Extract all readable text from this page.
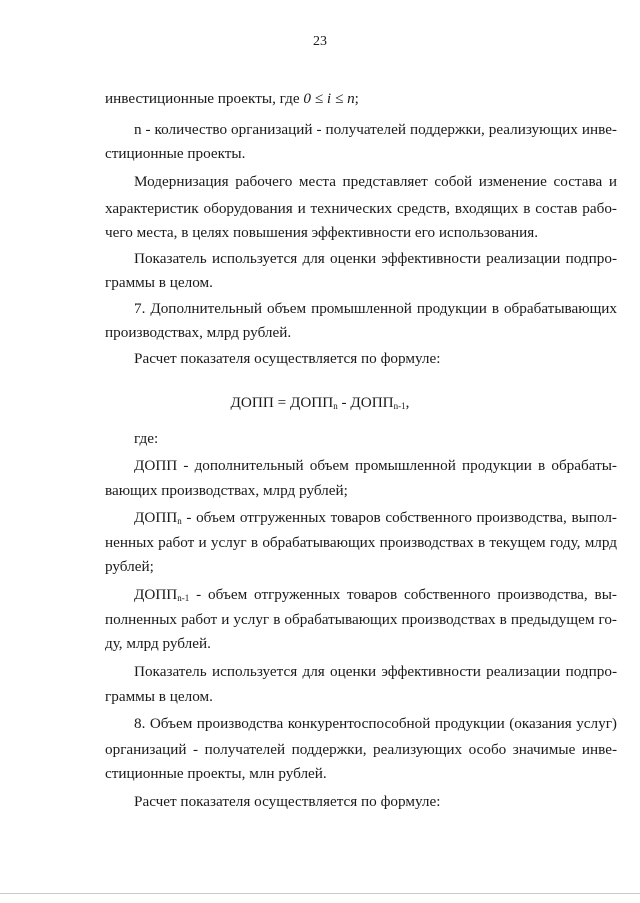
23
инвестиционные проекты, где 0 ≤ i ≤ n;
n - количество организаций - получателей поддержки, реализующих инве-
стиционные проекты.
Модернизация рабочего места представляет собой изменение состава и
характеристик оборудования и технических средств, входящих в состав рабо-
чего места, в целях повышения эффективности его использования.
Показатель используется для оценки эффективности реализации подпро-
граммы в целом.
7. Дополнительный объем промышленной продукции в обрабатывающих
производствах, млрд рублей.
Расчет показателя осуществляется по формуле:
ДОПП = $ДОПП_n$ - $ДОПП_{n-1}$,
где:
ДОПП - дополнительный объем промышленной продукции в обрабаты-
вающих производствах, млрд рублей;
$ДОПП_n$ - объем отгруженных товаров собственного производства, выпол-
ненных работ и услуг в обрабатывающих производствах в текущем году, млрд
рублей;
$ДОПП_{n-1}$ - объем отгруженных товаров собственного производства, вы-
полненных работ и услуг в обрабатывающих производствах в предыдущем го-
ду, млрд рублей.
Показатель используется для оценки эффективности реализации подпро-
граммы в целом.
8. Объем производства конкурентоспособной продукции (оказания услуг)
организаций - получателей поддержки, реализующих особо значимые инве-
стиционные проекты, млн рублей.
Расчет показателя осуществляется по формуле:
